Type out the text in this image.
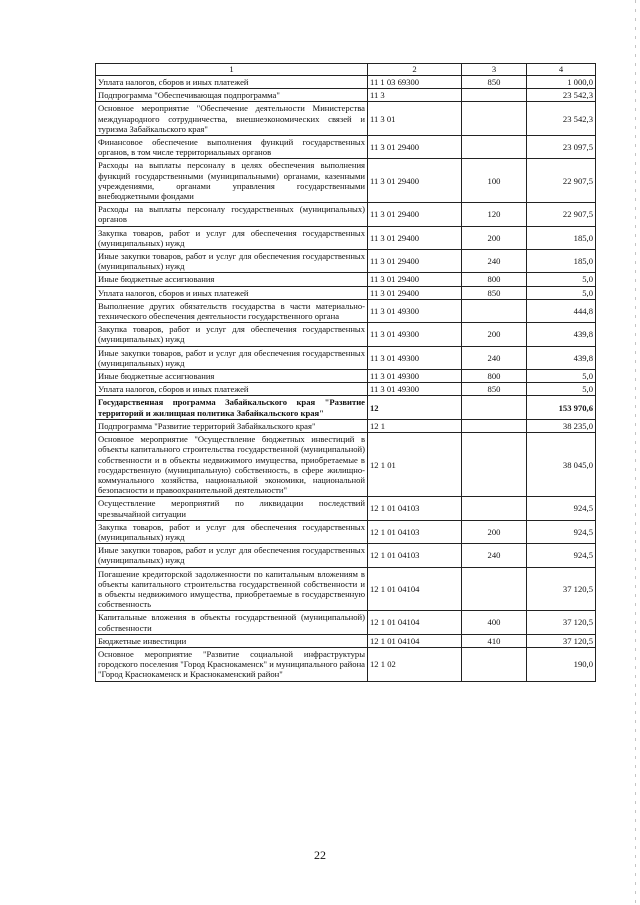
1	2	3	4
Уплата налогов, сборов и иных платежей	11 1 03 69300	850	1 000,0
Подпрограмма "Обеспечивающая подпрограмма"	11 3		23 542,3
Основное мероприятие "Обеспечение деятельности Министерства международного сотрудничества, внешнеэкономических связей и туризма Забайкальского края"	11 3 01		23 542,3
Финансовое обеспечение выполнения функций государственных органов, в том числе территориальных органов	11 3 01 29400		23 097,5
Расходы на выплаты персоналу в целях обеспечения выполнения функций государственными (муниципальными) органами, казенными учреждениями, органами управления государственными внебюджетными фондами	11 3 01 29400	100	22 907,5
Расходы на выплаты персоналу государственных (муниципальных) органов	11 3 01 29400	120	22 907,5
Закупка товаров, работ и услуг для обеспечения государственных (муниципальных) нужд	11 3 01 29400	200	185,0
Иные закупки товаров, работ и услуг для обеспечения государственных (муниципальных) нужд	11 3 01 29400	240	185,0
Иные бюджетные ассигнования	11 3 01 29400	800	5,0
Уплата налогов, сборов и иных платежей	11 3 01 29400	850	5,0
Выполнение других обязательств государства в части материально-технического обеспечения деятельности государственного органа	11 3 01 49300		444,8
Закупка товаров, работ и услуг для обеспечения государственных (муниципальных) нужд	11 3 01 49300	200	439,8
Иные закупки товаров, работ и услуг для обеспечения государственных (муниципальных) нужд	11 3 01 49300	240	439,8
Иные бюджетные ассигнования	11 3 01 49300	800	5,0
Уплата налогов, сборов и иных платежей	11 3 01 49300	850	5,0
Государственная программа Забайкальского края "Развитие территорий и жилищная политика Забайкальского края"	12		153 970,6
Подпрограмма "Развитие территорий Забайкальского края"	12 1		38 235,0
Основное мероприятие "Осуществление бюджетных инвестиций в объекты капитального строительства государственной (муниципальной) собственности и в объекты недвижимого имущества, приобретаемые в государственную (муниципальную) собственность, в сфере жилищно-коммунального хозяйства, национальной экономики, национальной безопасности и правоохранительной деятельности"	12 1 01		38 045,0
Осуществление мероприятий по ликвидации последствий чрезвычайной ситуации	12 1 01 04103		924,5
Закупка товаров, работ и услуг для обеспечения государственных (муниципальных) нужд	12 1 01 04103	200	924,5
Иные закупки товаров, работ и услуг для обеспечения государственных (муниципальных) нужд	12 1 01 04103	240	924,5
Погашение кредиторской задолженности по капитальным вложениям в объекты капитального строительства государственной собственности и в объекты недвижимого имущества, приобретаемые в государственную собственность	12 1 01 04104		37 120,5
Капитальные вложения в объекты государственной (муниципальной) собственности	12 1 01 04104	400	37 120,5
Бюджетные инвестиции	12 1 01 04104	410	37 120,5
Основное мероприятие "Развитие социальной инфраструктуры городского поселения "Город Краснокаменск" и муниципального района "Город Краснокаменск и Краснокаменский район"	12 1 02		190,0
22
